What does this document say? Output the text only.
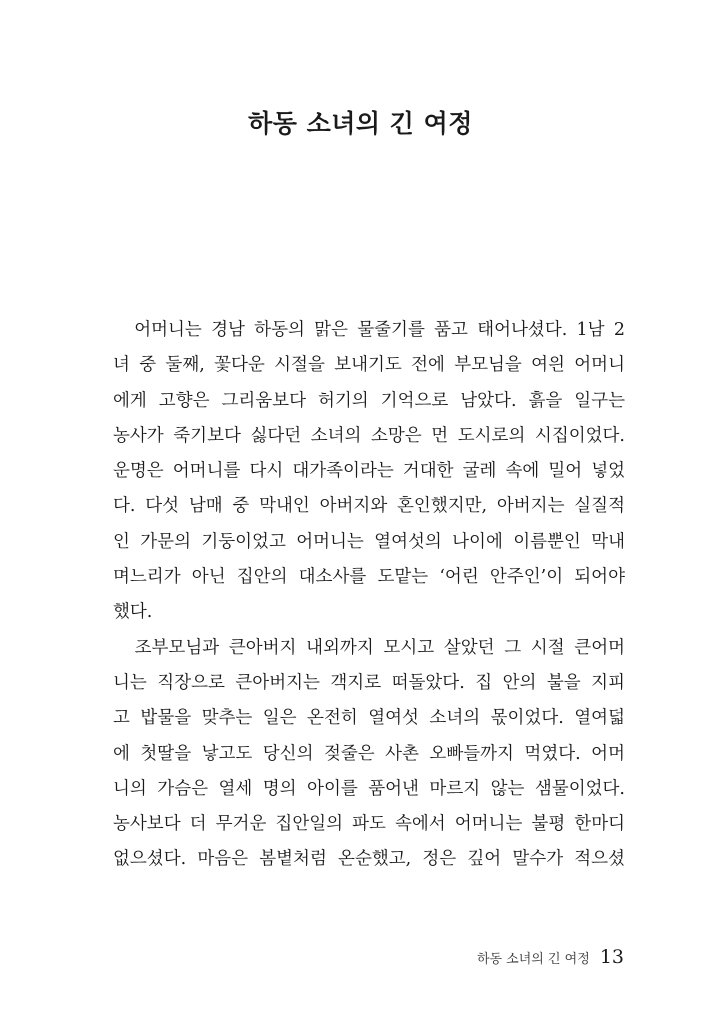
하동 소녀의 긴 여정
　어머니는 경남 하동의 맑은 물줄기를 품고 태어나셨다. 1남 2
녀 중 둘째, 꽃다운 시절을 보내기도 전에 부모님을 여읜 어머니
에게 고향은 그리움보다 허기의 기억으로 남았다. 흙을 일구는
농사가 죽기보다 싫다던 소녀의 소망은 먼 도시로의 시집이었다.
운명은 어머니를 다시 대가족이라는 거대한 굴레 속에 밀어 넣었
다. 다섯 남매 중 막내인 아버지와 혼인했지만, 아버지는 실질적
인 가문의 기둥이었고 어머니는 열여섯의 나이에 이름뿐인 막내
며느리가 아닌 집안의 대소사를 도맡는 ‘어린 안주인’이 되어야
했다.
　조부모님과 큰아버지 내외까지 모시고 살았던 그 시절 큰어머
니는 직장으로 큰아버지는 객지로 떠돌았다. 집 안의 불을 지피
고 밥물을 맞추는 일은 온전히 열여섯 소녀의 몫이었다. 열여덟
에 첫딸을 낳고도 당신의 젖줄은 사촌 오빠들까지 먹였다. 어머
니의 가슴은 열세 명의 아이를 품어낸 마르지 않는 샘물이었다.
농사보다 더 무거운 집안일의 파도 속에서 어머니는 불평 한마디
없으셨다. 마음은 봄볕처럼 온순했고, 정은 깊어 말수가 적으셨
하동 소녀의 긴 여정 13
